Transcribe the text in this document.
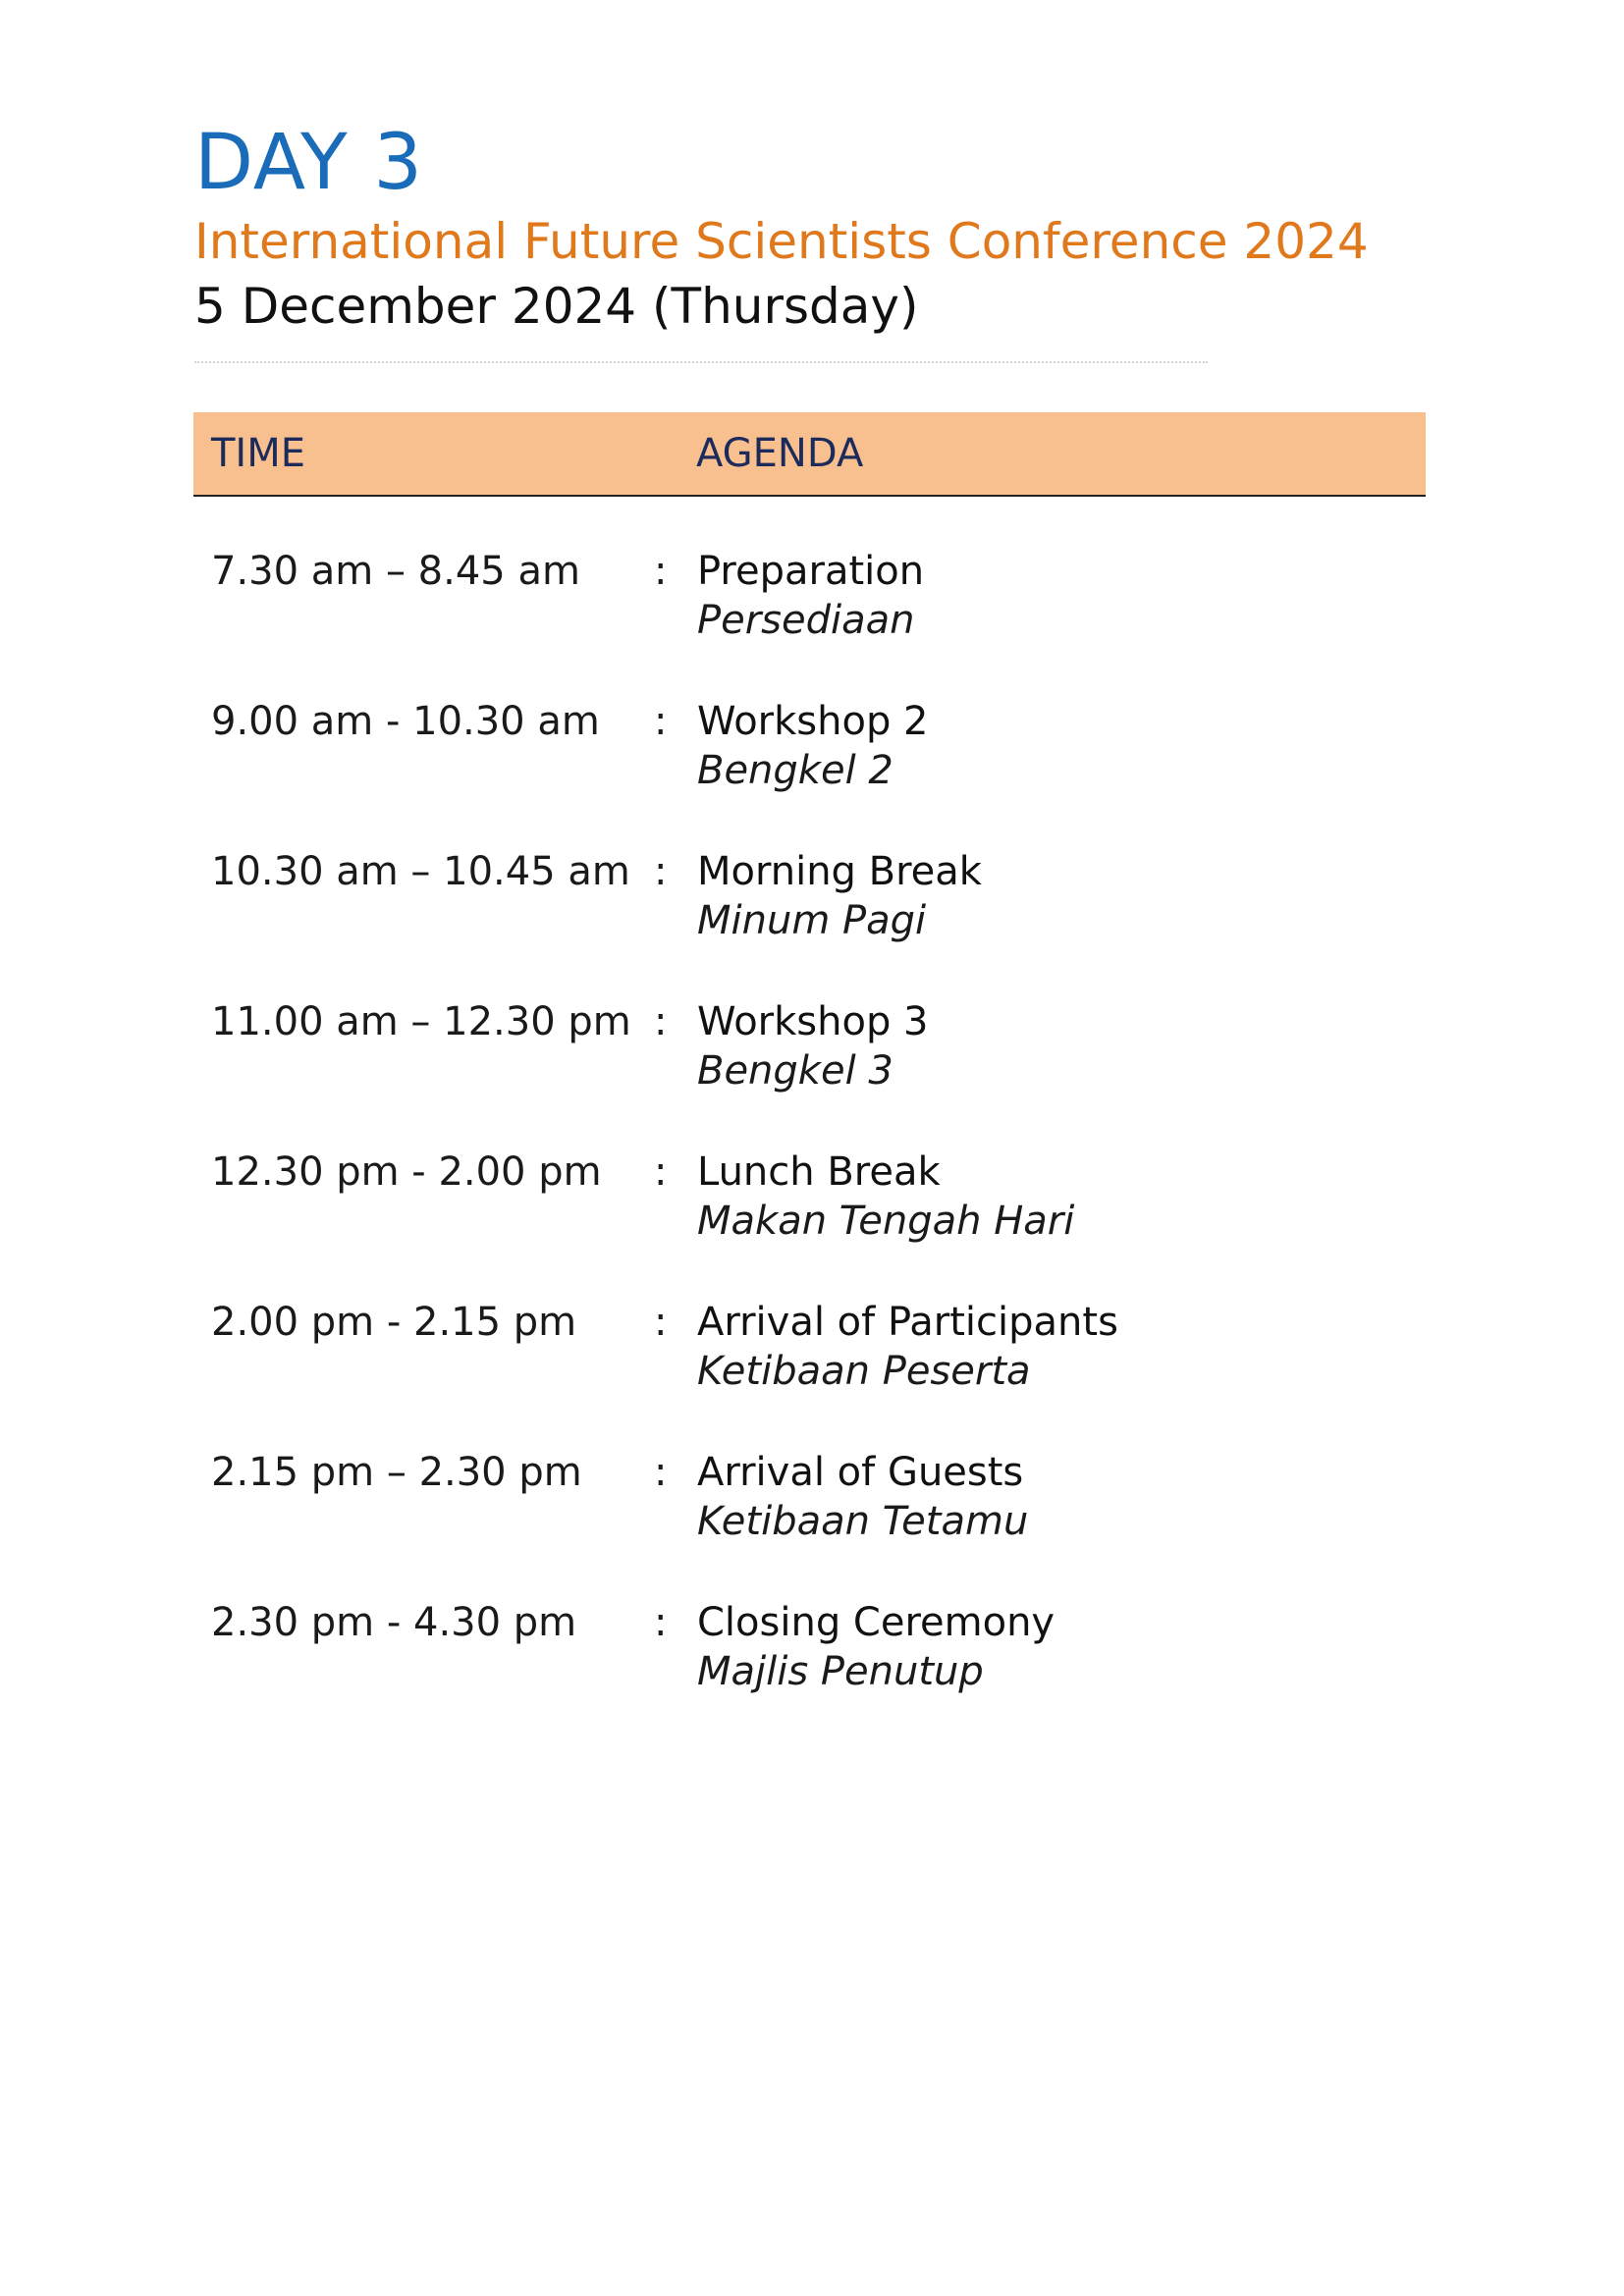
DAY 3
International Future Scientists Conference 2024
5 December 2024 (Thursday)
TIME	AGENDA
7.30 am – 8.45 am : Preparation
Persediaan
9.00 am - 10.30 am : Workshop 2
Bengkel 2
10.30 am – 10.45 am : Morning Break
Minum Pagi
11.00 am – 12.30 pm : Workshop 3
Bengkel 3
12.30 pm - 2.00 pm : Lunch Break
Makan Tengah Hari
2.00 pm - 2.15 pm : Arrival of Participants
Ketibaan Peserta
2.15 pm – 2.30 pm : Arrival of Guests
Ketibaan Tetamu
2.30 pm - 4.30 pm : Closing Ceremony
Majlis Penutup
